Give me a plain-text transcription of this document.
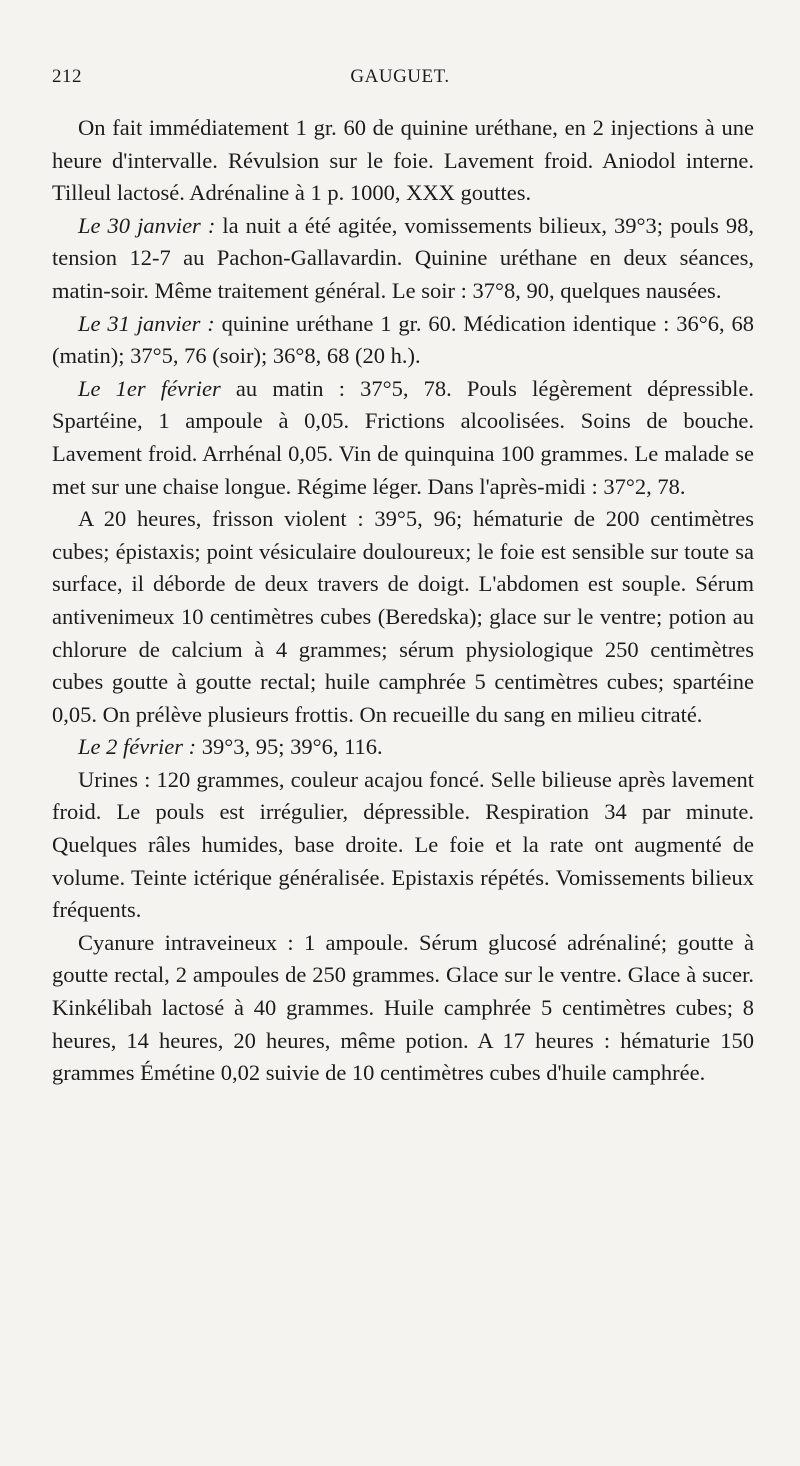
212	GAUGUET.

On fait immédiatement 1 gr. 60 de quinine uréthane, en 2 injections à une heure d'intervalle. Révulsion sur le foie. Lavement froid. Aniodol interne. Tilleul lactosé. Adrénaline à 1 p. 1000, XXX gouttes.

Le 30 janvier : la nuit a été agitée, vomissements bilieux, 39°3; pouls 98, tension 12-7 au Pachon-Gallavardin. Quinine uréthane en deux séances, matin-soir. Même traitement général. Le soir : 37°8, 90, quelques nausées.

Le 31 janvier : quinine uréthane 1 gr. 60. Médication identique : 36°6, 68 (matin); 37°5, 76 (soir); 36°8, 68 (20 h.).

Le 1er février au matin : 37°5, 78. Pouls légèrement dépressible. Spartéine, 1 ampoule à 0,05. Frictions alcoolisées. Soins de bouche. Lavement froid. Arrhénal 0,05. Vin de quinquina 100 grammes. Le malade se met sur une chaise longue. Régime léger. Dans l'après-midi : 37°2, 78.

A 20 heures, frisson violent : 39°5, 96; hématurie de 200 centimètres cubes; épistaxis; point vésiculaire douloureux; le foie est sensible sur toute sa surface, il déborde de deux travers de doigt. L'abdomen est souple. Sérum antivenimeux 10 centimètres cubes (Beredska); glace sur le ventre; potion au chlorure de calcium à 4 grammes; sérum physiologique 250 centimètres cubes goutte à goutte rectal; huile camphrée 5 centimètres cubes; spartéine 0,05. On prélève plusieurs frottis. On recueille du sang en milieu citraté.

Le 2 février : 39°3, 95; 39°6, 116.

Urines : 120 grammes, couleur acajou foncé. Selle bilieuse après lavement froid. Le pouls est irrégulier, dépressible. Respiration 34 par minute. Quelques râles humides, base droite. Le foie et la rate ont augmenté de volume. Teinte ictérique généralisée. Epistaxis répétés. Vomissements bilieux fréquents.

Cyanure intraveineux : 1 ampoule. Sérum glucosé adrénaliné; goutte à goutte rectal, 2 ampoules de 250 grammes. Glace sur le ventre. Glace à sucer. Kinkélibah lactosé à 40 grammes. Huile camphrée 5 centimètres cubes; 8 heures, 14 heures, 20 heures, même potion. A 17 heures : hématurie 150 grammes Émétine 0,02 suivie de 10 centimètres cubes d'huile camphrée.
